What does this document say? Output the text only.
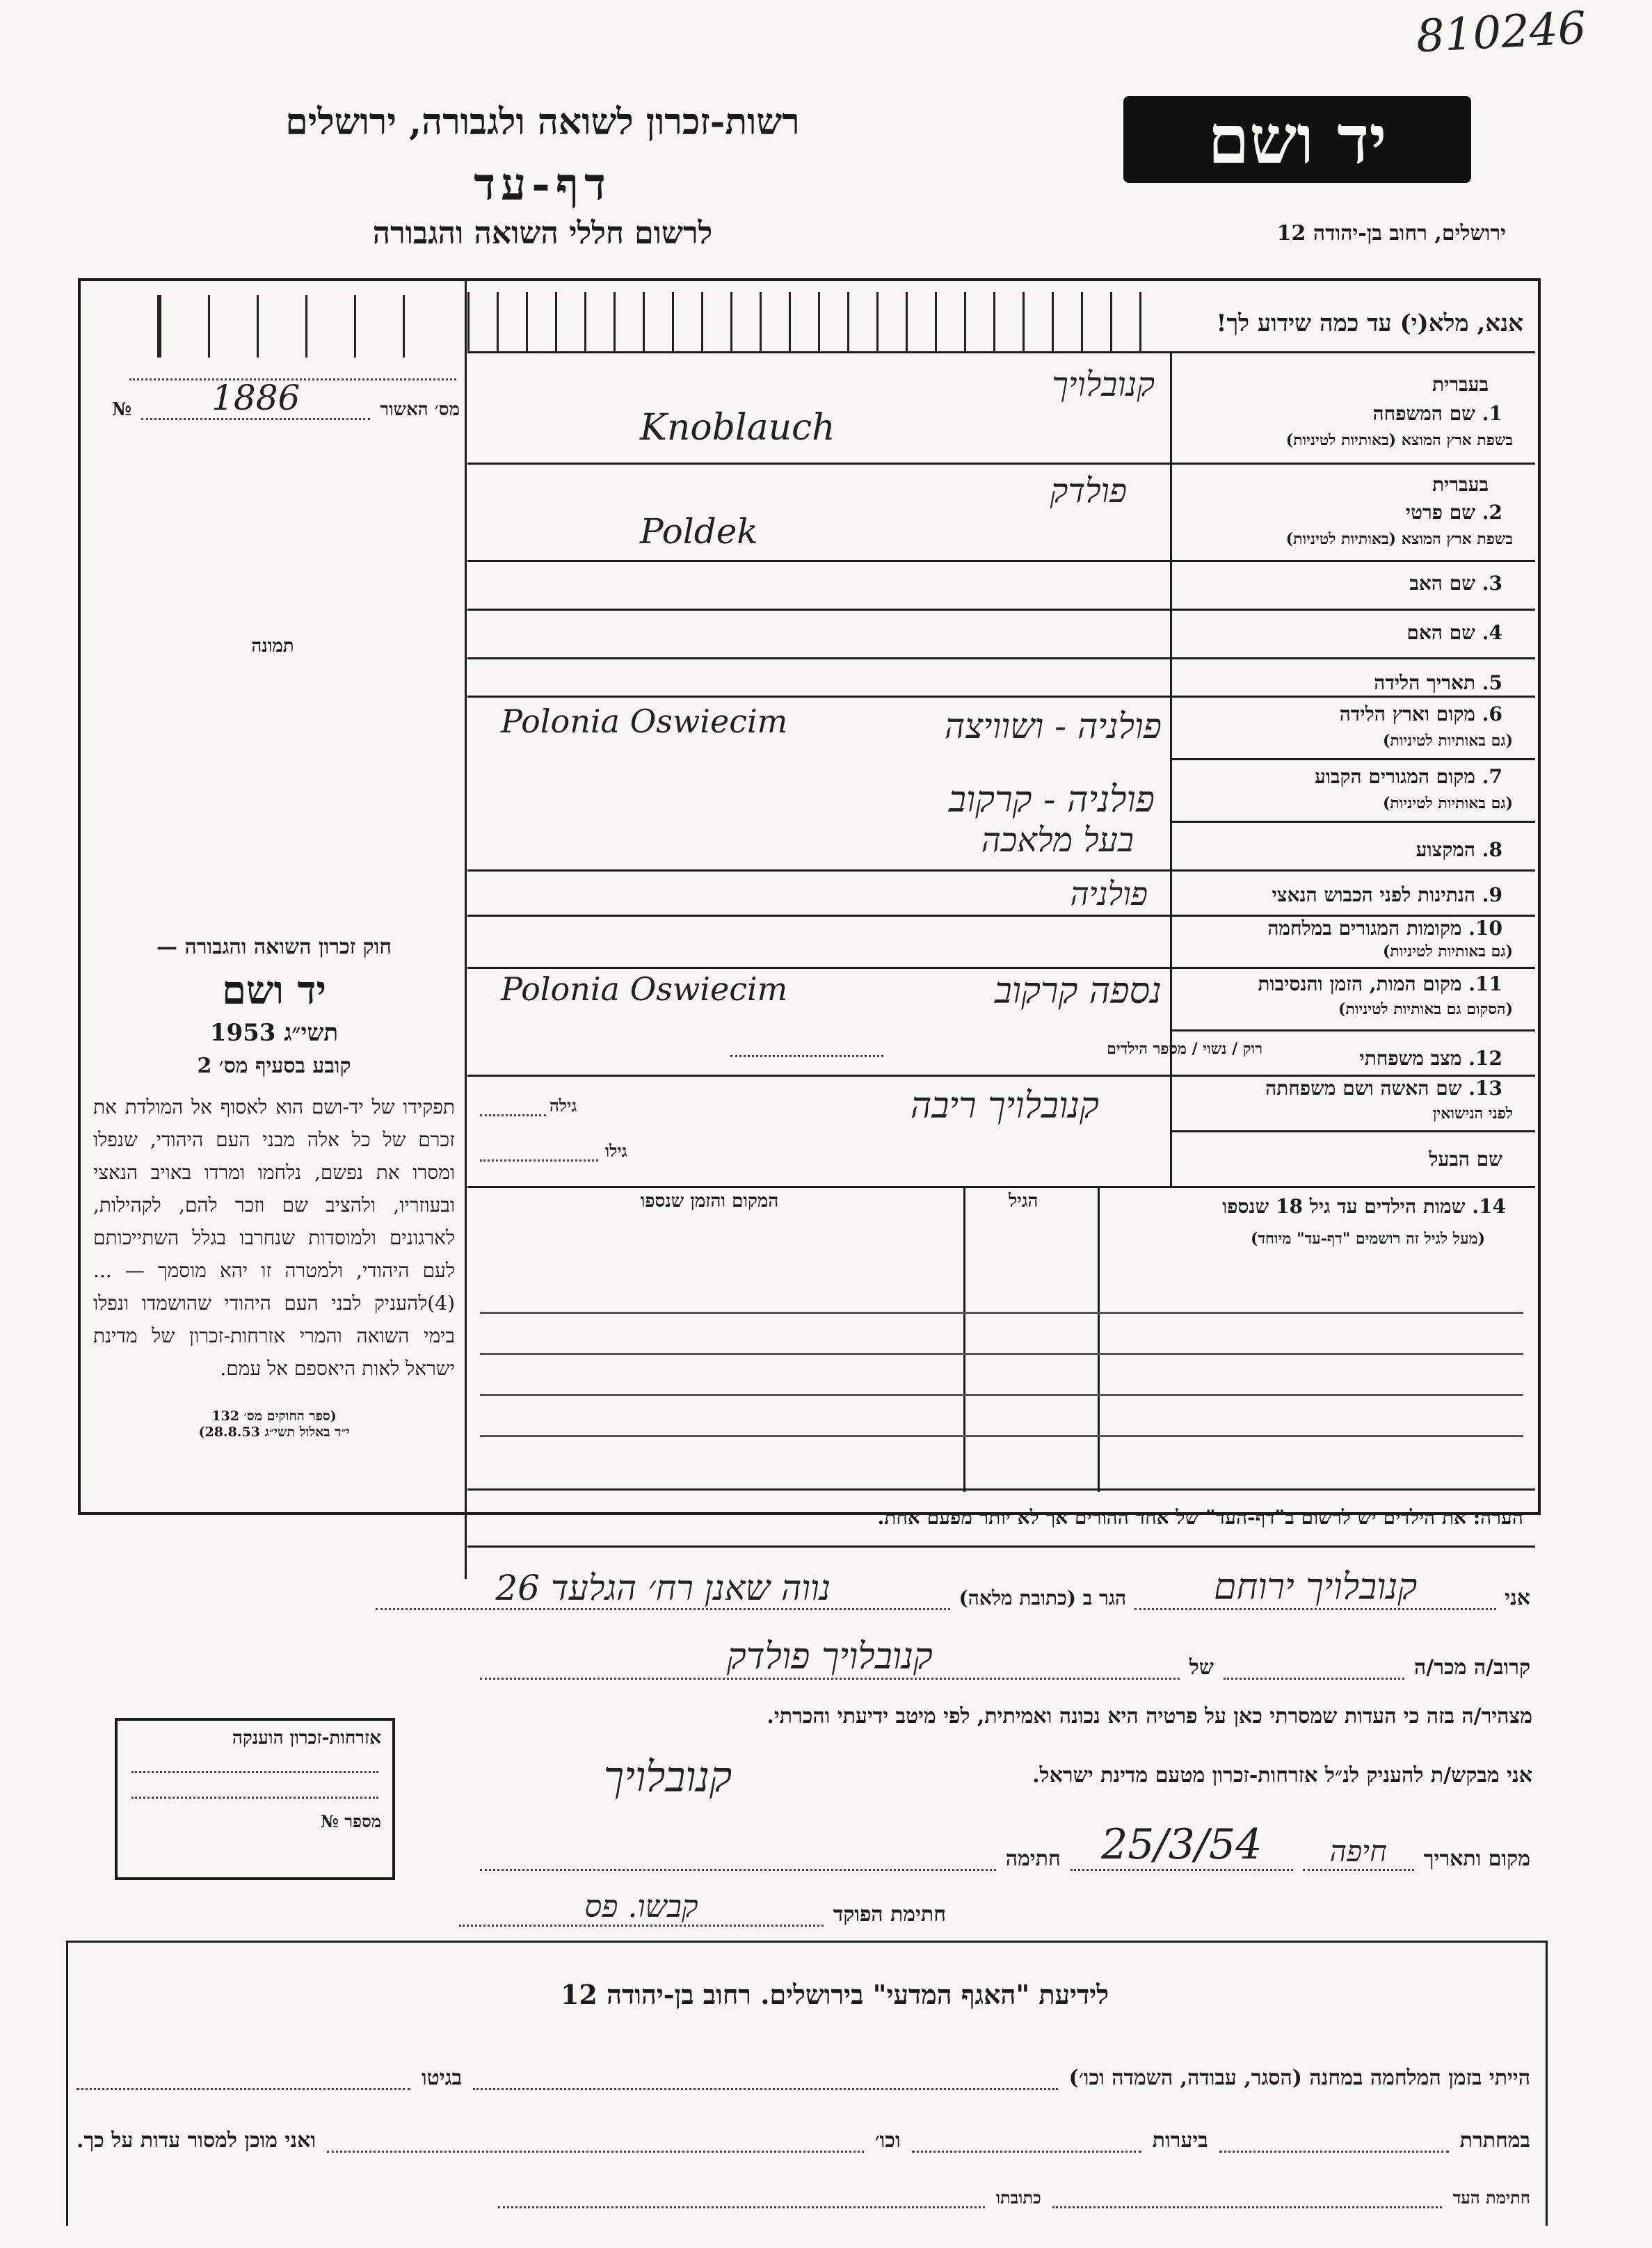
810246
יד ושם
רשות-זכרון לשואה ולגבורה, ירושלים
דף-עד
לרשום חללי השואה והגבורה	ירושלים, רחוב בן-יהודה 12
מס׳ האשור
1886
№
תמונה
חוק זכרון השואה והגבורה —
יד ושם
תשי״ג 1953
קובע בסעיף מס׳ 2
תפקידו של יד-ושם הוא לאסוף אל המולדת את זכרם של כל אלה מבני העם היהודי, שנפלו ומסרו את נפשם, נלחמו ומרדו באויב הנאצי ובעוזריו, ולהציב שם וזכר להם, לקהילות, לארגונים ולמוסדות שנחרבו בגלל השתייכותם לעם היהודי, ולמטרה זו יהא מוסמך — ...(4)להעניק לבני העם היהודי שהושמדו ונפלו בימי השואה והמרי אזרחות-זכרון של מדינת ישראל לאות היאספם אל עמם.
(ספר החוקים מס׳ 132
י״ד באלול תשי״ג 28.8.53)
אנא, מלא(י) עד כמה שידוע לך!
בעברית
1. שם המשפחה
בשפת ארץ המוצא (באותיות לטיניות)
קנובלויך
Knoblauch
בעברית
2. שם פרטי
בשפת ארץ המוצא (באותיות לטיניות)
פולדק
Poldek
3. שם האב
4. שם האם
5. תאריך הלידה
6. מקום וארץ הלידה
(גם באותיות לטיניות)
פולניה - ושוויצה
Polonia Oswiecim
7. מקום המגורים הקבוע
(גם באותיות לטיניות)
פולניה - קרקוב
8. המקצוע
בעל מלאכה
9. הנתינות לפני הכבוש הנאצי
פולניה
10. מקומות המגורים במלחמה
(גם באותיות לטיניות)
11. מקום המות, הזמן והנסיבות
(הסקום גם באותיות לטיניות)
נספה קרקוב
Polonia Oswiecim
12. מצב משפחתי
רוק / נשוי / מספר הילדים
13. שם האשה ושם משפחתה
לפני הנישואין
קנובלויך ריבה
גילה
שם הבעל
גילו
14. שמות הילדים עד גיל 18 שנספו
(מעל לגיל זה רושמים "דף-עד" מיוחד)
הגיל
המקום והזמן שנספו
הערה: את הילדים יש לרשום ב"דף-העד" של אחד ההורים אך לא יותר מפעם אחת.
אני
קנובלויך ירוחם
הגר ב (כתובת מלאה)
נווה שאנן רח׳ הגלעד 26
קרוב/ה מכר/ה
של
קנובלויך פולדק
מצהיר/ה בזה כי העדות שמסרתי כאן על פרטיה היא נכונה ואמיתית, לפי מיטב ידיעתי והכרתי.
אני מבקש/ת להעניק לנ״ל אזרחות-זכרון מטעם מדינת ישראל.
קנובלויך
מקום ותאריך
חיפה
25/3/54
חתימה
חתימת הפוקד
קבשו. פס
אזרחות-זכרון הוענקה
מספר №
לידיעת "האגף המדעי" בירושלים. רחוב בן-יהודה 12
הייתי בזמן המלחמה במחנה (הסגר, עבודה, השמדה וכו׳)
בגיטו
במחתרת
ביערות
וכו׳
ואני מוכן למסור עדות על כך.
חתימת העד
כתובתו
